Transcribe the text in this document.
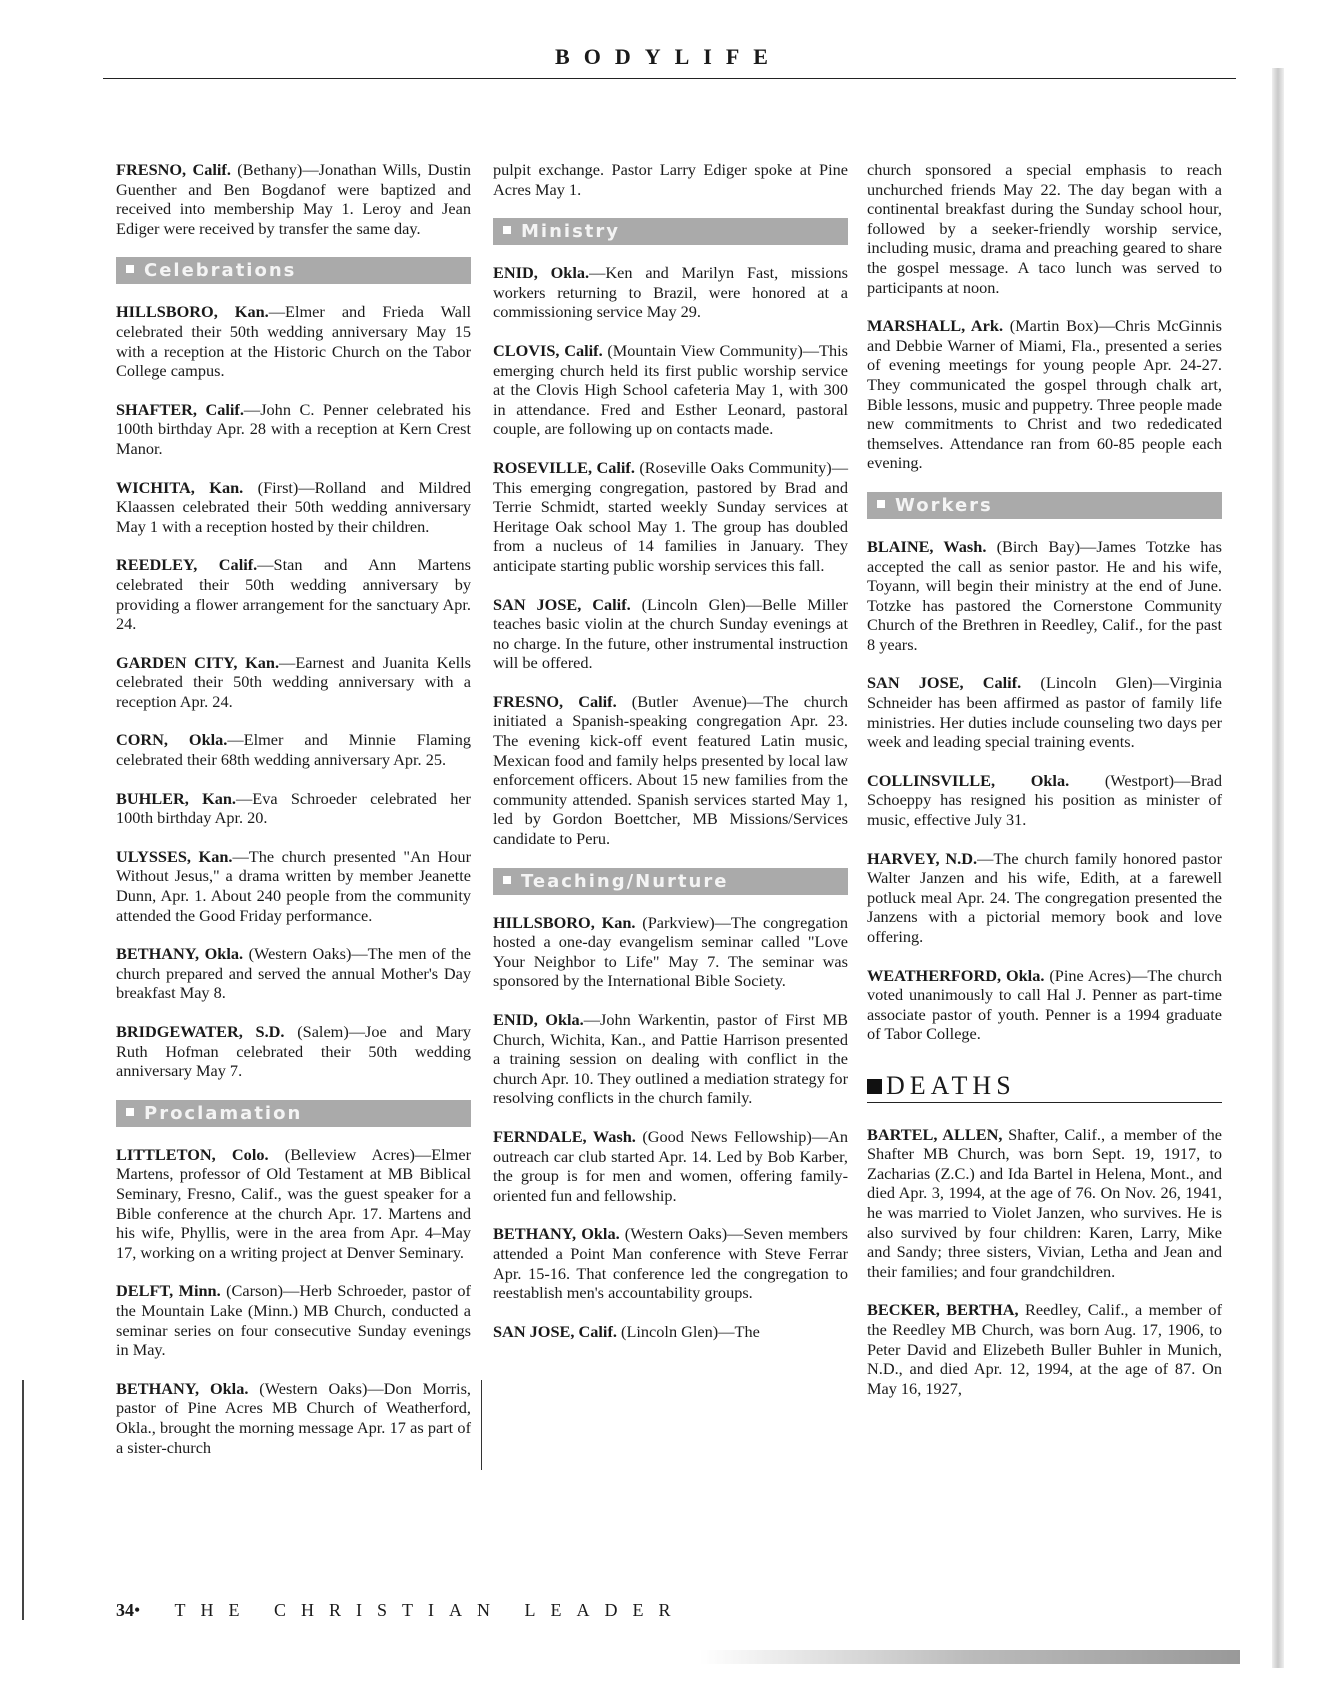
BODYLIFE
FRESNO, Calif. (Bethany)—Jonathan Wills, Dustin Guenther and Ben Bogdanof were baptized and received into membership May 1. Leroy and Jean Ediger were received by transfer the same day.
Celebrations
HILLSBORO, Kan.—Elmer and Frieda Wall celebrated their 50th wedding anniversary May 15 with a reception at the Historic Church on the Tabor College campus.
SHAFTER, Calif.—John C. Penner celebrated his 100th birthday Apr. 28 with a reception at Kern Crest Manor.
WICHITA, Kan. (First)—Rolland and Mildred Klaassen celebrated their 50th wedding anniversary May 1 with a reception hosted by their children.
REEDLEY, Calif.—Stan and Ann Martens celebrated their 50th wedding anniversary by providing a flower arrangement for the sanctuary Apr. 24.
GARDEN CITY, Kan.—Earnest and Juanita Kells celebrated their 50th wedding anniversary with a reception Apr. 24.
CORN, Okla.—Elmer and Minnie Flaming celebrated their 68th wedding anniversary Apr. 25.
BUHLER, Kan.—Eva Schroeder celebrated her 100th birthday Apr. 20.
ULYSSES, Kan.—The church presented "An Hour Without Jesus," a drama written by member Jeanette Dunn, Apr. 1. About 240 people from the community attended the Good Friday performance.
BETHANY, Okla. (Western Oaks)—The men of the church prepared and served the annual Mother's Day breakfast May 8.
BRIDGEWATER, S.D. (Salem)—Joe and Mary Ruth Hofman celebrated their 50th wedding anniversary May 7.
Proclamation
LITTLETON, Colo. (Belleview Acres)—Elmer Martens, professor of Old Testament at MB Biblical Seminary, Fresno, Calif., was the guest speaker for a Bible conference at the church Apr. 17. Martens and his wife, Phyllis, were in the area from Apr. 4–May 17, working on a writing project at Denver Seminary.
DELFT, Minn. (Carson)—Herb Schroeder, pastor of the Mountain Lake (Minn.) MB Church, conducted a seminar series on four consecutive Sunday evenings in May.
BETHANY, Okla. (Western Oaks)—Don Morris, pastor of Pine Acres MB Church of Weatherford, Okla., brought the morning message Apr. 17 as part of a sister-church
pulpit exchange. Pastor Larry Ediger spoke at Pine Acres May 1.
Ministry
ENID, Okla.—Ken and Marilyn Fast, missions workers returning to Brazil, were honored at a commissioning service May 29.
CLOVIS, Calif. (Mountain View Community)—This emerging church held its first public worship service at the Clovis High School cafeteria May 1, with 300 in attendance. Fred and Esther Leonard, pastoral couple, are following up on contacts made.
ROSEVILLE, Calif. (Roseville Oaks Community)—This emerging congregation, pastored by Brad and Terrie Schmidt, started weekly Sunday services at Heritage Oak school May 1. The group has doubled from a nucleus of 14 families in January. They anticipate starting public worship services this fall.
SAN JOSE, Calif. (Lincoln Glen)—Belle Miller teaches basic violin at the church Sunday evenings at no charge. In the future, other instrumental instruction will be offered.
FRESNO, Calif. (Butler Avenue)—The church initiated a Spanish-speaking congregation Apr. 23. The evening kick-off event featured Latin music, Mexican food and family helps presented by local law enforcement officers. About 15 new families from the community attended. Spanish services started May 1, led by Gordon Boettcher, MB Missions/Services candidate to Peru.
Teaching/Nurture
HILLSBORO, Kan. (Parkview)—The congregation hosted a one-day evangelism seminar called "Love Your Neighbor to Life" May 7. The seminar was sponsored by the International Bible Society.
ENID, Okla.—John Warkentin, pastor of First MB Church, Wichita, Kan., and Pattie Harrison presented a training session on dealing with conflict in the church Apr. 10. They outlined a mediation strategy for resolving conflicts in the church family.
FERNDALE, Wash. (Good News Fellowship)—An outreach car club started Apr. 14. Led by Bob Karber, the group is for men and women, offering family-oriented fun and fellowship.
BETHANY, Okla. (Western Oaks)—Seven members attended a Point Man conference with Steve Ferrar Apr. 15-16. That conference led the congregation to reestablish men's accountability groups.
SAN JOSE, Calif. (Lincoln Glen)—The
church sponsored a special emphasis to reach unchurched friends May 22. The day began with a continental breakfast during the Sunday school hour, followed by a seeker-friendly worship service, including music, drama and preaching geared to share the gospel message. A taco lunch was served to participants at noon.
MARSHALL, Ark. (Martin Box)—Chris McGinnis and Debbie Warner of Miami, Fla., presented a series of evening meetings for young people Apr. 24-27. They communicated the gospel through chalk art, Bible lessons, music and puppetry. Three people made new commitments to Christ and two rededicated themselves. Attendance ran from 60-85 people each evening.
Workers
BLAINE, Wash. (Birch Bay)—James Totzke has accepted the call as senior pastor. He and his wife, Toyann, will begin their ministry at the end of June. Totzke has pastored the Cornerstone Community Church of the Brethren in Reedley, Calif., for the past 8 years.
SAN JOSE, Calif. (Lincoln Glen)—Virginia Schneider has been affirmed as pastor of family life ministries. Her duties include counseling two days per week and leading special training events.
COLLINSVILLE, Okla. (Westport)—Brad Schoeppy has resigned his position as minister of music, effective July 31.
HARVEY, N.D.—The church family honored pastor Walter Janzen and his wife, Edith, at a farewell potluck meal Apr. 24. The congregation presented the Janzens with a pictorial memory book and love offering.
WEATHERFORD, Okla. (Pine Acres)—The church voted unanimously to call Hal J. Penner as part-time associate pastor of youth. Penner is a 1994 graduate of Tabor College.
DEATHS
BARTEL, ALLEN, Shafter, Calif., a member of the Shafter MB Church, was born Sept. 19, 1917, to Zacharias (Z.C.) and Ida Bartel in Helena, Mont., and died Apr. 3, 1994, at the age of 76. On Nov. 26, 1941, he was married to Violet Janzen, who survives. He is also survived by four children: Karen, Larry, Mike and Sandy; three sisters, Vivian, Letha and Jean and their families; and four grandchildren.
BECKER, BERTHA, Reedley, Calif., a member of the Reedley MB Church, was born Aug. 17, 1906, to Peter David and Elizebeth Buller Buhler in Munich, N.D., and died Apr. 12, 1994, at the age of 87. On May 16, 1927,
34• THE CHRISTIAN LEADER
